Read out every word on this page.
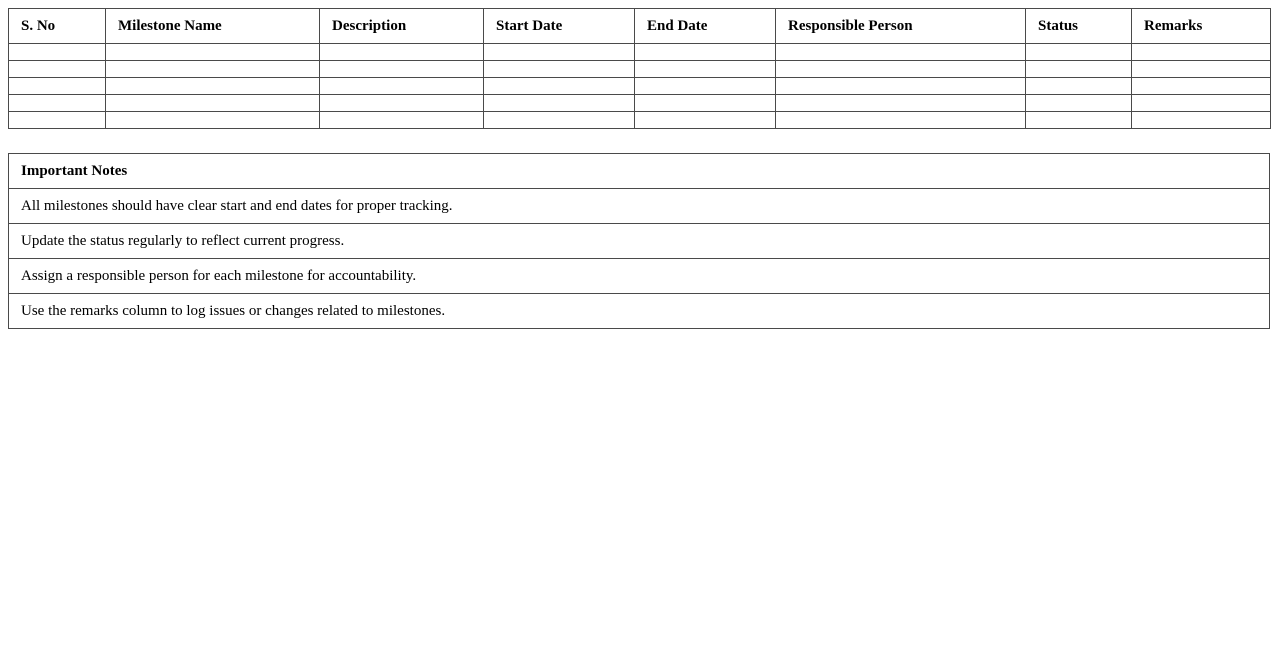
S. No	Milestone Name	Description	Start Date	End Date	Responsible Person	Status	Remarks

Important Notes
All milestones should have clear start and end dates for proper tracking.
Update the status regularly to reflect current progress.
Assign a responsible person for each milestone for accountability.
Use the remarks column to log issues or changes related to milestones.
